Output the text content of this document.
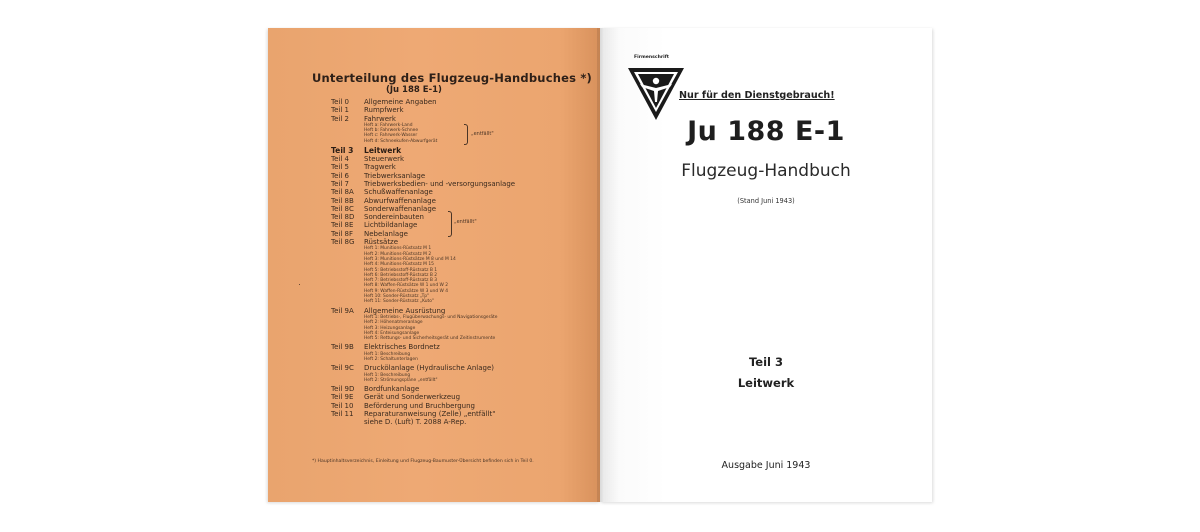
Unterteilung des Flugzeug-Handbuches *)
(Ju 188 E-1)
Teil 0	Allgemeine Angaben
Teil 1	Rumpfwerk
Teil 2	Fahrwerk
Heft a: Fahrwerk-Land
Heft b: Fahrwerk-Schnee
Heft c: Fahrwerk-Wasser
Heft d: Schneekufen-Abwurfgerät
„entfällt"
Teil 3	Leitwerk
Teil 4	Steuerwerk
Teil 5	Tragwerk
Teil 6	Triebwerksanlage
Teil 7	Triebwerksbedien- und -versorgungsanlage
Teil 8A	Schußwaffenanlage
Teil 8B	Abwurfwaffenanlage
Teil 8C	Sonderwaffenanlage
Teil 8D	Sondereinbauten
Teil 8E	Lichtbildanlage
Teil 8F	Nebelanlage
Teil 8G	Rüstsätze
„entfällt"
Heft 1: Munitions-Rüstsatz M 1
Heft 2: Munitions-Rüstsatz M 2
Heft 3: Munitions-Rüstsätze M 8 und M 14
Heft 4: Munitions-Rüstsatz M 15
Heft 5: Betriebsstoff-Rüstsatz B 1
Heft 6: Betriebsstoff-Rüstsatz B 2
Heft 7: Betriebsstoff-Rüstsatz B 3
Heft 8: Waffen-Rüstsätze W 1 und W 2
Heft 9: Waffen-Rüstsätze W 3 und W 4
Heft 10: Sonder-Rüstsatz „Tp"
Heft 11: Sonder-Rüstsatz „Kuto"
Teil 9A	Allgemeine Ausrüstung
Heft 1: Betriebs-, Flugüberwachungs- und Navigationsgeräte
Heft 2: Höhenatmeranlage
Heft 3: Heizungsanlage
Heft 4: Enteisungsanlage
Heft 5: Rettungs- und Sicherheitsgerät und Zeitinstrumente
Teil 9B	Elektrisches Bordnetz
Heft 1: Beschreibung
Heft 2: Schaltunterlagen
Teil 9C	Druckölanlage (Hydraulische Anlage)
Heft 1: Beschreibung
Heft 2: Strömungspläne „entfällt"
Teil 9D	Bordfunkanlage
Teil 9E	Gerät und Sonderwerkzeug
Teil 10	Beförderung und Bruchbergung
Teil 11	Reparaturanweisung (Zelle) „entfällt"
siehe D. (Luft) T. 2088 A-Rep.
*) Hauptinhaltsverzeichnis, Einleitung und Flugzeug-Baumuster-Übersicht befinden sich in Teil 0.
Firmenschrift
Nur für den Dienstgebrauch!
Ju 188 E-1
Flugzeug-Handbuch
(Stand Juni 1943)
Teil 3
Leitwerk
Ausgabe Juni 1943
